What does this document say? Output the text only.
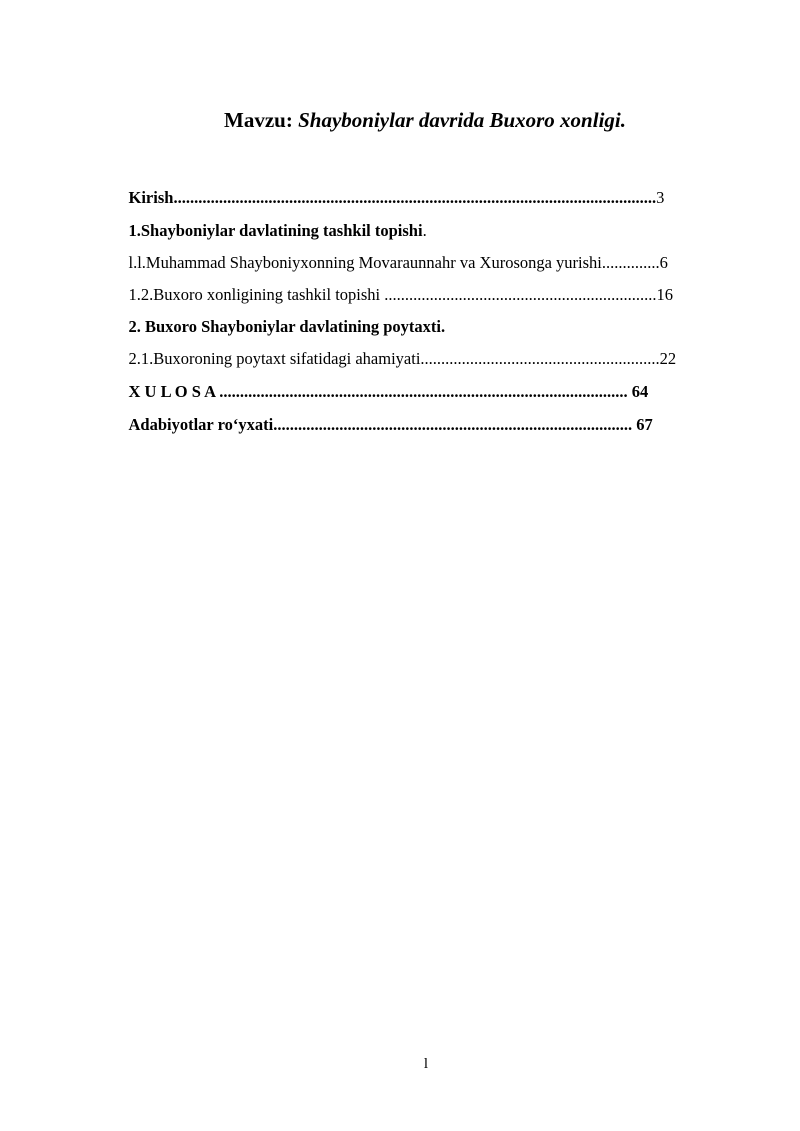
Mavzu: Shayboniylar davrida Buxoro xonligi.

Kirish.....................................................................................................................3

1.Shayboniylar davlatining tashkil topishi.

l.l.Muhammad Shayboniyxonning Movaraunnahr va Xurosonga yurishi..............6

1.2.Buxoro xonligining tashkil topishi ..................................................................16

2. Buxoro Shayboniylar davlatining poytaxti.

2.1.Buxoroning poytaxt sifatidagi ahamiyati..........................................................22

X U L O S A ................................................................................................... 64

Adabiyotlar ro‘yxati....................................................................................... 67

l
